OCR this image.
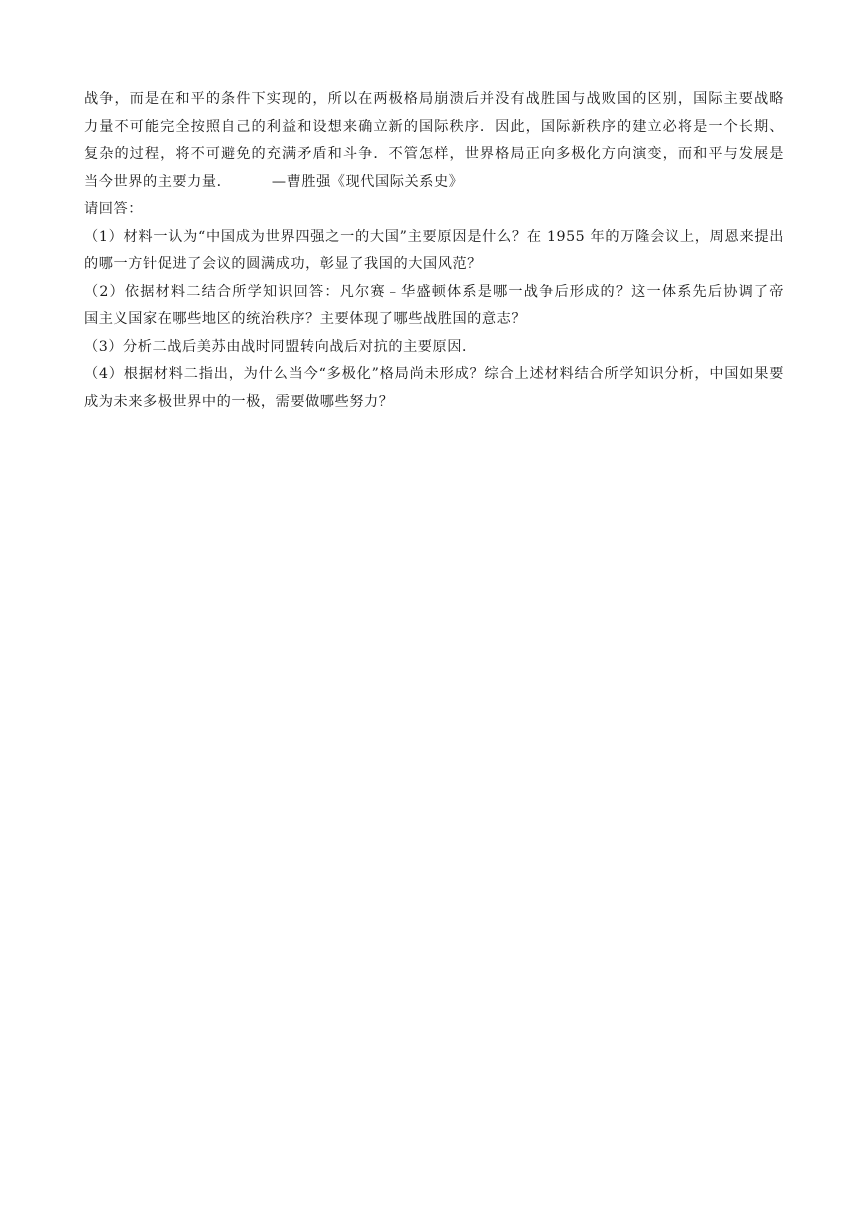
战争，而是在和平的条件下实现的，所以在两极格局崩溃后并没有战胜国与战败国的区别，国际主要战略
力量不可能完全按照自己的利益和设想来确立新的国际秩序．因此，国际新秩序的建立必将是一个长期、
复杂的过程，将不可避免的充满矛盾和斗争．不管怎样，世界格局正向多极化方向演变，而和平与发展是
当今世界的主要力量．        —曹胜强《现代国际关系史》
请回答：
（1）材料一认为“中国成为世界四强之一的大国”主要原因是什么？在 1955 年的万隆会议上，周恩来提出
的哪一方针促进了会议的圆满成功，彰显了我国的大国风范？
（2）依据材料二结合所学知识回答：凡尔赛﹣华盛顿体系是哪一战争后形成的？这一体系先后协调了帝
国主义国家在哪些地区的统治秩序？主要体现了哪些战胜国的意志？
（3）分析二战后美苏由战时同盟转向战后对抗的主要原因．
（4）根据材料二指出，为什么当今“多极化”格局尚未形成？综合上述材料结合所学知识分析，中国如果要
成为未来多极世界中的一极，需要做哪些努力？
